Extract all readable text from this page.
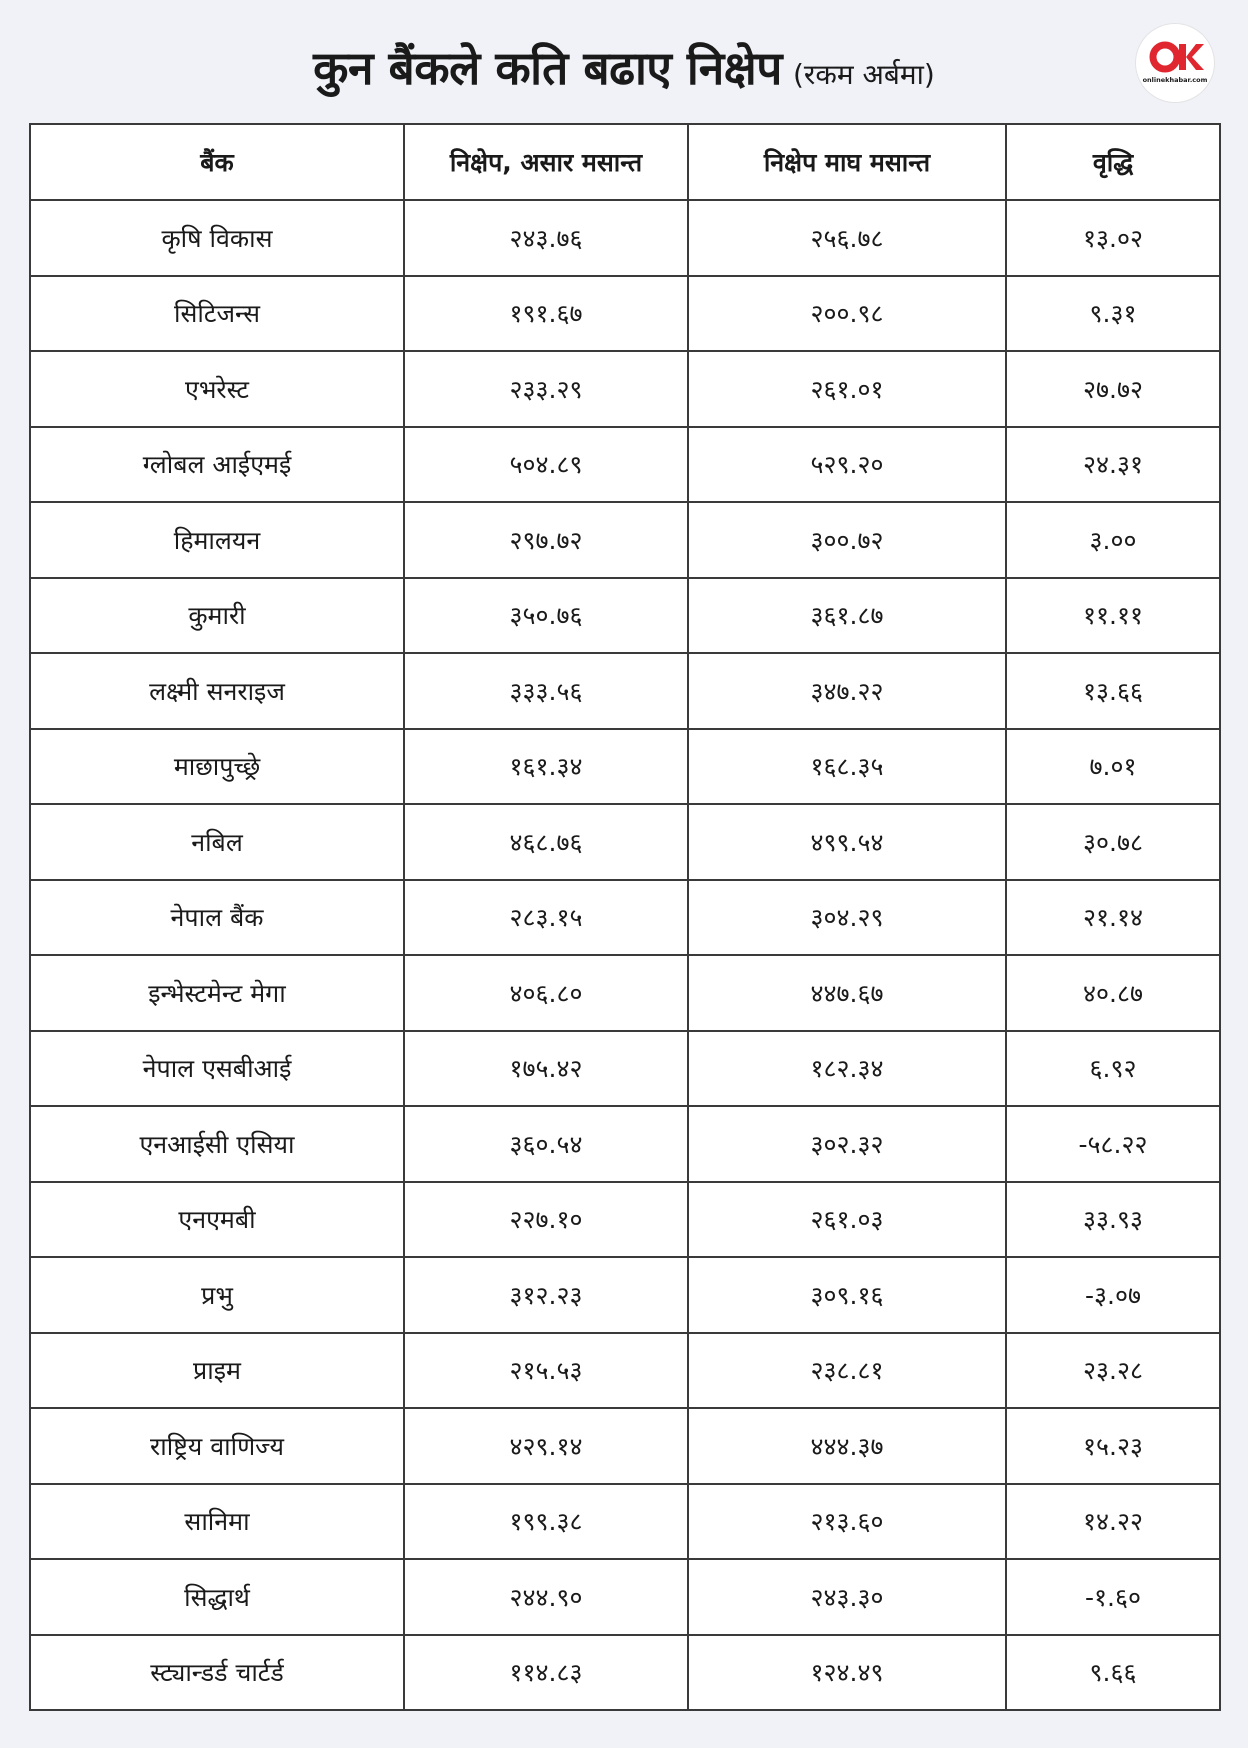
कुन बैंकले कति बढाए निक्षेप (रकम अर्बमा)	onlinekhabar.com
बैंक	निक्षेप, असार मसान्त	निक्षेप माघ मसान्त	वृद्धि
कृषि विकास	२४३.७६	२५६.७८	१३.०२
सिटिजन्स	१९१.६७	२००.९८	९.३१
एभरेस्ट	२३३.२९	२६१.०१	२७.७२
ग्लोबल आईएमई	५०४.८९	५२९.२०	२४.३१
हिमालयन	२९७.७२	३००.७२	३.००
कुमारी	३५०.७६	३६१.८७	११.११
लक्ष्मी सनराइज	३३३.५६	३४७.२२	१३.६६
माछापुच्छ्रे	१६१.३४	१६८.३५	७.०१
नबिल	४६८.७६	४९९.५४	३०.७८
नेपाल बैंक	२८३.१५	३०४.२९	२१.१४
इन्भेस्टमेन्ट मेगा	४०६.८०	४४७.६७	४०.८७
नेपाल एसबीआई	१७५.४२	१८२.३४	६.९२
एनआईसी एसिया	३६०.५४	३०२.३२	-५८.२२
एनएमबी	२२७.१०	२६१.०३	३३.९३
प्रभु	३१२.२३	३०९.१६	-३.०७
प्राइम	२१५.५३	२३८.८१	२३.२८
राष्ट्रिय वाणिज्य	४२९.१४	४४४.३७	१५.२३
सानिमा	१९९.३८	२१३.६०	१४.२२
सिद्धार्थ	२४४.९०	२४३.३०	-१.६०
स्ट्यान्डर्ड चार्टर्ड	११४.८३	१२४.४९	९.६६
